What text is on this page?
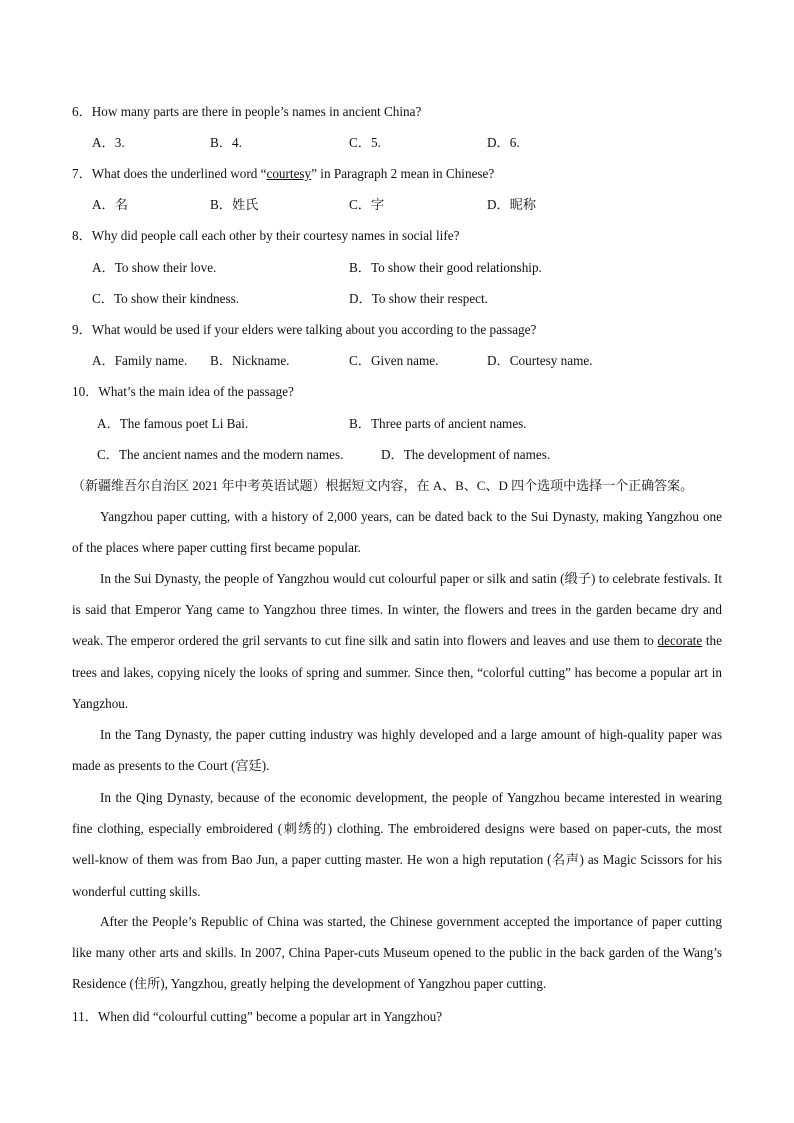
6．How many parts are there in people’s names in ancient China?
A．3.	B．4.	C．5.	D．6.
7．What does the underlined word “courtesy” in Paragraph 2 mean in Chinese?
A．名	B．姓氏	C．字	D．昵称
8．Why did people call each other by their courtesy names in social life?
A．To show their love.	B．To show their good relationship.
C．To show their kindness.	D．To show their respect.
9．What would be used if your elders were talking about you according to the passage?
A．Family name. B．Nickname.	C．Given name.	D．Courtesy name.
10．What’s the main idea of the passage?
A．The famous poet Li Bai.	B．Three parts of ancient names.
C．The ancient names and the modern names.	D．The development of names.
（新疆维吾尔自治区 2021 年中考英语试题）根据短文内容，在 A、B、C、D 四个选项中选择一个正确答案。
Yangzhou paper cutting, with a history of 2,000 years, can be dated back to the Sui Dynasty, making Yangzhou one of the places where paper cutting first became popular.
In the Sui Dynasty, the people of Yangzhou would cut colourful paper or silk and satin (缎子) to celebrate festivals. It is said that Emperor Yang came to Yangzhou three times. In winter, the flowers and trees in the garden became dry and weak. The emperor ordered the gril servants to cut fine silk and satin into flowers and leaves and use them to decorate the trees and lakes, copying nicely the looks of spring and summer. Since then, “colorful cutting” has become a popular art in Yangzhou.
In the Tang Dynasty, the paper cutting industry was highly developed and a large amount of high-quality paper was made as presents to the Court (宫廷).
In the Qing Dynasty, because of the economic development, the people of Yangzhou became interested in wearing fine clothing, especially embroidered (刺绣的) clothing. The embroidered designs were based on paper-cuts, the most well-know of them was from Bao Jun, a paper cutting master. He won a high reputation (名声) as Magic Scissors for his wonderful cutting skills.
After the People’s Republic of China was started, the Chinese government accepted the importance of paper cutting like many other arts and skills. In 2007, China Paper-cuts Museum opened to the public in the back garden of the Wang’s Residence (住所), Yangzhou, greatly helping the development of Yangzhou paper cutting.
11．When did “colourful cutting” become a popular art in Yangzhou?
